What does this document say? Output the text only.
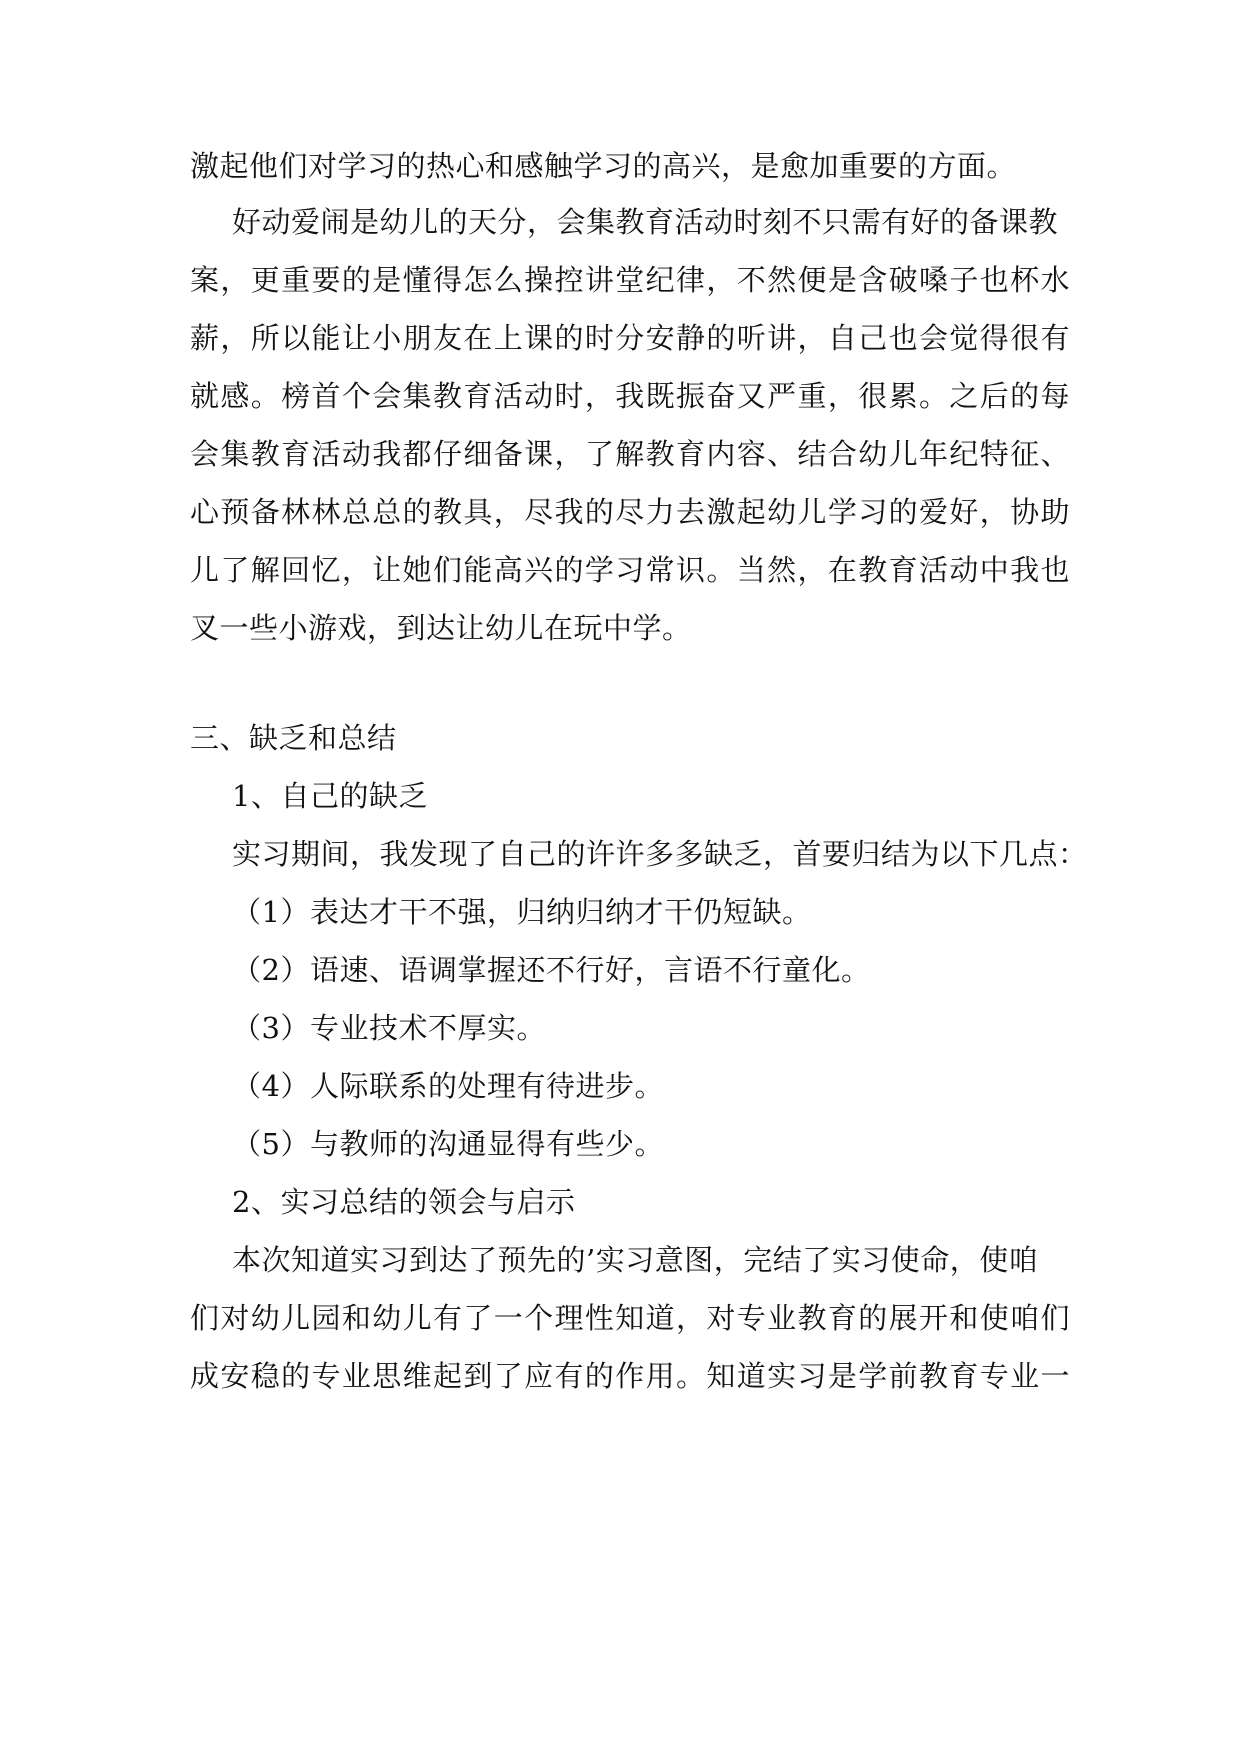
激起他们对学习的热心和感触学习的高兴，是愈加重要的方面。
好动爱闹是幼儿的天分，会集教育活动时刻不只需有好的备课教
案，更重要的是懂得怎么操控讲堂纪律，不然便是含破嗓子也杯水
薪，所以能让小朋友在上课的时分安静的听讲，自己也会觉得很有
就感。榜首个会集教育活动时，我既振奋又严重，很累。之后的每
会集教育活动我都仔细备课，了解教育内容、结合幼儿年纪特征、
心预备林林总总的教具，尽我的尽力去激起幼儿学习的爱好，协助
儿了解回忆，让她们能高兴的学习常识。当然，在教育活动中我也
叉一些小游戏，到达让幼儿在玩中学。
三、缺乏和总结
1、自己的缺乏
实习期间，我发现了自己的许许多多缺乏，首要归结为以下几点：
（1）表达才干不强，归纳归纳才干仍短缺。
（2）语速、语调掌握还不行好，言语不行童化。
（3）专业技术不厚实。
（4）人际联系的处理有待进步。
（5）与教师的沟通显得有些少。
2、实习总结的领会与启示
本次知道实习到达了预先的’实习意图，完结了实习使命，使咱
们对幼儿园和幼儿有了一个理性知道，对专业教育的展开和使咱们
成安稳的专业思维起到了应有的作用。知道实习是学前教育专业一
